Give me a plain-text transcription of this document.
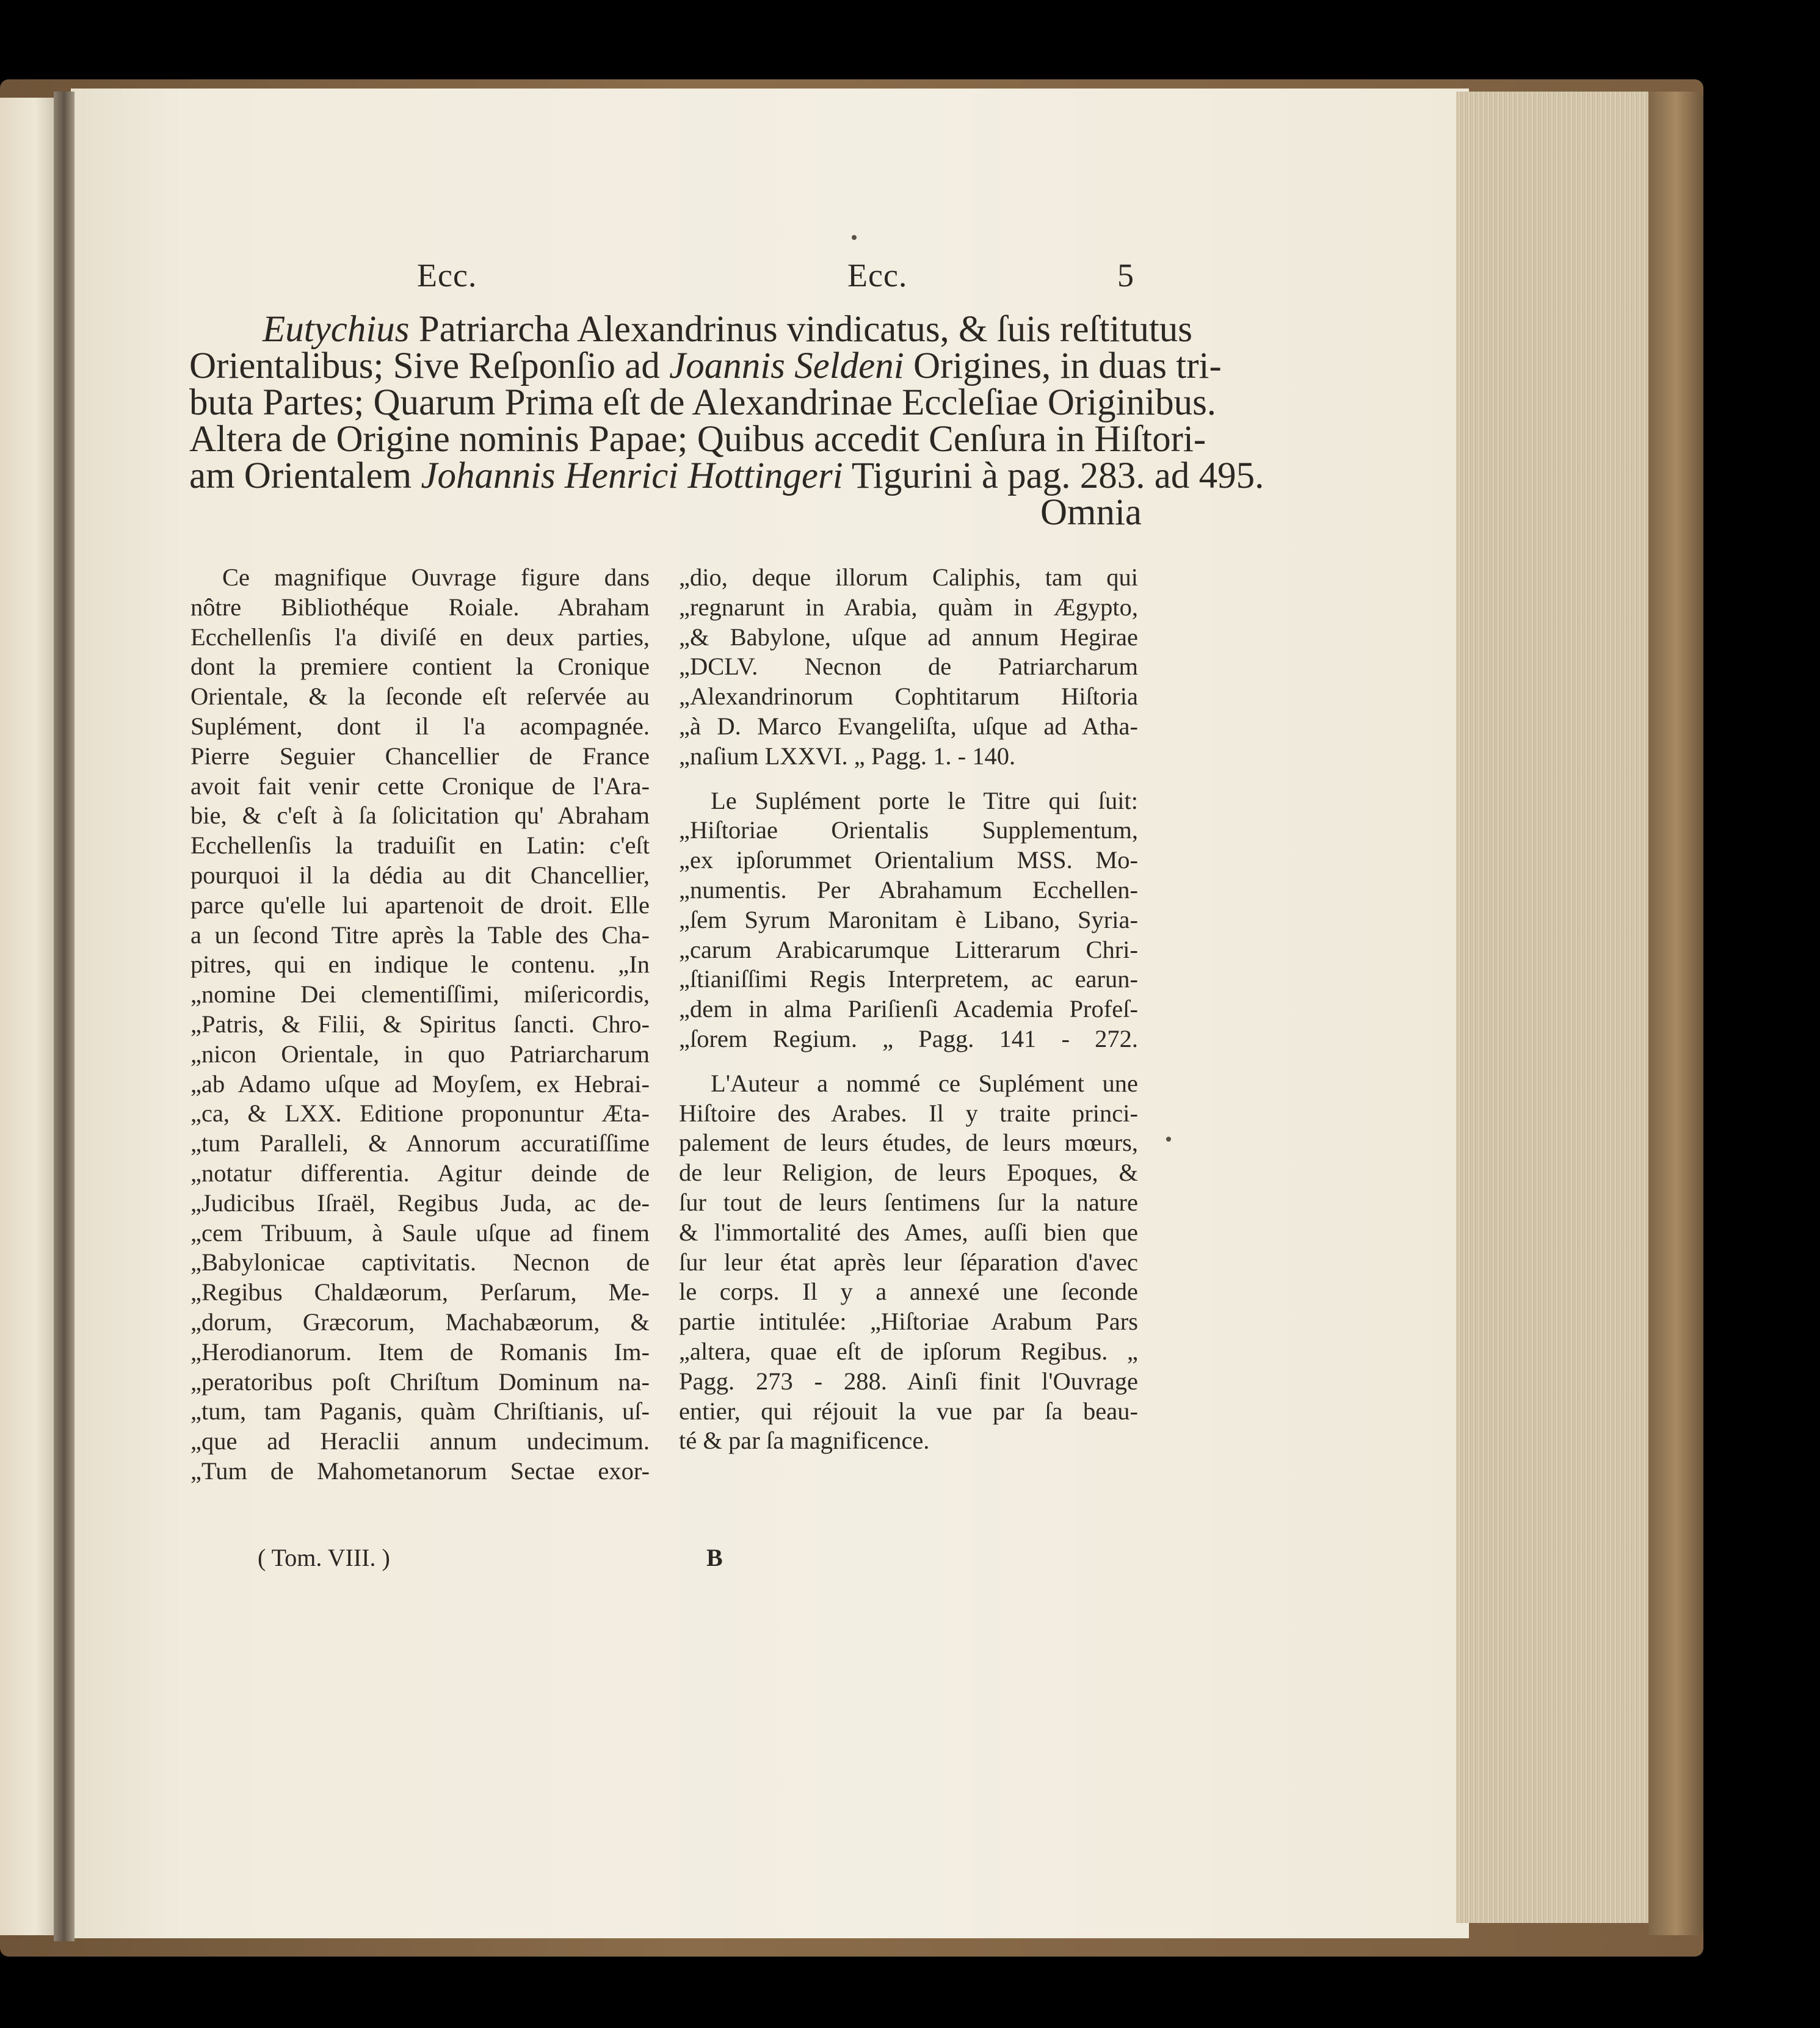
Ecc.	Ecc.	5
Eutychius Patriarcha Alexandrinus vindicatus, & ſuis reſtitutus
Orientalibus; Sive Reſponſio ad Joannis Seldeni Origines, in duas tri-
buta Partes; Quarum Prima eſt de Alexandrinae Eccleſiae Originibus.
Altera de Origine nominis Papae; Quibus accedit Cenſura in Hiſtori-
am Orientalem Johannis Henrici Hottingeri Tigurini à pag. 283. ad 495.
Omnia
Ce magnifique Ouvrage figure dans
nôtre Bibliothéque Roiale. Abraham
Ecchellenſis l'a diviſé en deux parties,
dont la premiere contient la Cronique
Orientale, & la ſeconde eſt reſervée au
Suplément, dont il l'a acompagnée.
Pierre Seguier Chancellier de France
avoit fait venir cette Cronique de l'Ara-
bie, & c'eſt à ſa ſolicitation qu' Abraham
Ecchellenſis la traduiſit en Latin: c'eſt
pourquoi il la dédia au dit Chancellier,
parce qu'elle lui apartenoit de droit. Elle
a un ſecond Titre après la Table des Cha-
pitres, qui en indique le contenu. „In
„nomine Dei clementiſſimi, miſericordis,
„Patris, & Filii, & Spiritus ſancti. Chro-
„nicon Orientale, in quo Patriarcharum
„ab Adamo uſque ad Moyſem, ex Hebrai-
„ca, & LXX. Editione proponuntur Æta-
„tum Paralleli, & Annorum accuratiſſime
„notatur differentia. Agitur deinde de
„Judicibus Iſraël, Regibus Juda, ac de-
„cem Tribuum, à Saule uſque ad finem
„Babylonicae captivitatis. Necnon de
„Regibus Chaldæorum, Perſarum, Me-
„dorum, Græcorum, Machabæorum, &
„Herodianorum. Item de Romanis Im-
„peratoribus poſt Chriſtum Dominum na-
„tum, tam Paganis, quàm Chriſtianis, uſ-
„que ad Heraclii annum undecimum.
„Tum de Mahometanorum Sectae exor-
„dio, deque illorum Caliphis, tam qui
„regnarunt in Arabia, quàm in Ægypto,
„& Babylone, uſque ad annum Hegirae
„DCLV. Necnon de Patriarcharum
„Alexandrinorum Cophtitarum Hiſtoria
„à D. Marco Evangeliſta, uſque ad Atha-
„naſium LXXVI. „ Pagg. 1. - 140.
Le Suplément porte le Titre qui ſuit:
„Hiſtoriae Orientalis Supplementum,
„ex ipſorummet Orientalium MSS. Mo-
„numentis. Per Abrahamum Ecchellen-
„ſem Syrum Maronitam è Libano, Syria-
„carum Arabicarumque Litterarum Chri-
„ſtianiſſimi Regis Interpretem, ac earun-
„dem in alma Pariſienſi Academia Profeſ-
„ſorem Regium. „ Pagg. 141 - 272.
L'Auteur a nommé ce Suplément une
Hiſtoire des Arabes. Il y traite princi-
palement de leurs études, de leurs mœurs,
de leur Religion, de leurs Epoques, &
ſur tout de leurs ſentimens ſur la nature
& l'immortalité des Ames, auſſi bien que
ſur leur état après leur ſéparation d'avec
le corps. Il y a annexé une ſeconde
partie intitulée: „Hiſtoriae Arabum Pars
„altera, quae eſt de ipſorum Regibus. „
Pagg. 273 - 288. Ainſi finit l'Ouvrage
entier, qui réjouit la vue par ſa beau-
té & par ſa magnificence.
( Tom. VIII. )	B
